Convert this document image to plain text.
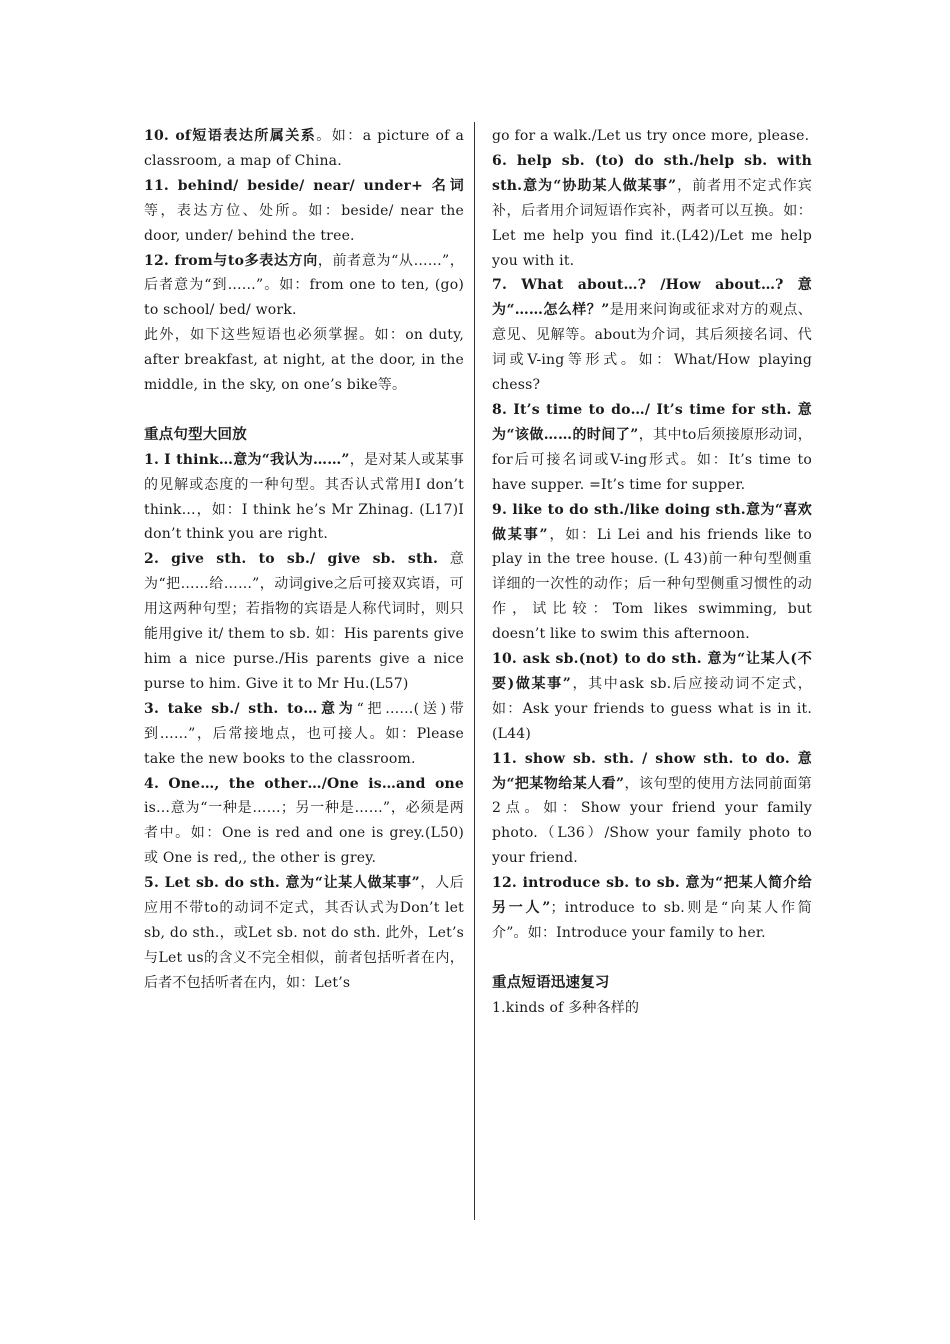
10. of短语表达所属关系。如：a picture of a classroom, a map of China.
11. behind/ beside/ near/ under+ 名词等，表达方位、处所。如：beside/ near the door, under/ behind the tree.
12. from与to多表达方向，前者意为“从……”，后者意为“到……”。如：from one to ten, (go) to school/ bed/ work.
此外，如下这些短语也必须掌握。如：on duty, after breakfast, at night, at the door, in the middle, in the sky, on one’s bike等。
重点句型大回放
1. I think…意为“我认为……”，是对某人或某事的见解或态度的一种句型。其否认式常用I don’t think…，如：I think he’s Mr Zhinag. (L17)I don’t think you are right.
2. give sth. to sb./ give sb. sth. 意为“把……给……”，动词give之后可接双宾语，可用这两种句型；若指物的宾语是人称代词时，则只能用give it/ them to sb. 如：His parents give him a nice purse./His parents give a nice purse to him. Give it to Mr Hu.(L57)
3. take sb./ sth. to…意为“把……(送)带到……”，后常接地点，也可接人。如：Please take the new books to the classroom.
4. One…, the other…/One is…and one is…意为“一种是……；另一种是……”，必须是两者中。如：One is red and one is grey.(L50) 或 One is red,, the other is grey.
5. Let sb. do sth. 意为“让某人做某事”，人后应用不带to的动词不定式，其否认式为Don’t let sb, do sth.，或Let sb. not do sth. 此外，Let’s 与Let us的含义不完全相似，前者包括听者在内，后者不包括听者在内，如：Let’s
go for a walk./Let us try once more, please.
6. help sb. (to) do sth./help sb. with sth.意为“协助某人做某事”，前者用不定式作宾补，后者用介词短语作宾补，两者可以互换。如：Let me help you find it.(L42)/Let me help you with it.
7. What about…? /How about…? 意为“……怎么样？”是用来问询或征求对方的观点、意见、见解等。about为介词，其后须接名词、代词或V-ing等形式。如：What/How playing chess?
8. It’s time to do…/ It’s time for sth. 意为“该做……的时间了”，其中to后须接原形动词，for后可接名词或V-ing形式。如：It’s time to have supper. =It’s time for supper.
9. like to do sth./like doing sth.意为“喜欢做某事”，如：Li Lei and his friends like to play in the tree house. (L 43)前一种句型侧重详细的一次性的动作；后一种句型侧重习惯性的动作，试比较：Tom likes swimming, but doesn’t like to swim this afternoon.
10. ask sb.(not) to do sth. 意为“让某人(不要)做某事”，其中ask sb.后应接动词不定式，如：Ask your friends to guess what is in it. (L44)
11. show sb. sth. / show sth. to do. 意为“把某物给某人看”，该句型的使用方法同前面第2点。如：Show your friend your family photo.（L36）/Show your family photo to your friend.
12. introduce sb. to sb. 意为“把某人简介给另一人”；introduce to sb.则是“向某人作简介”。如：Introduce your family to her.
重点短语迅速复习
1.kinds of 多种各样的
